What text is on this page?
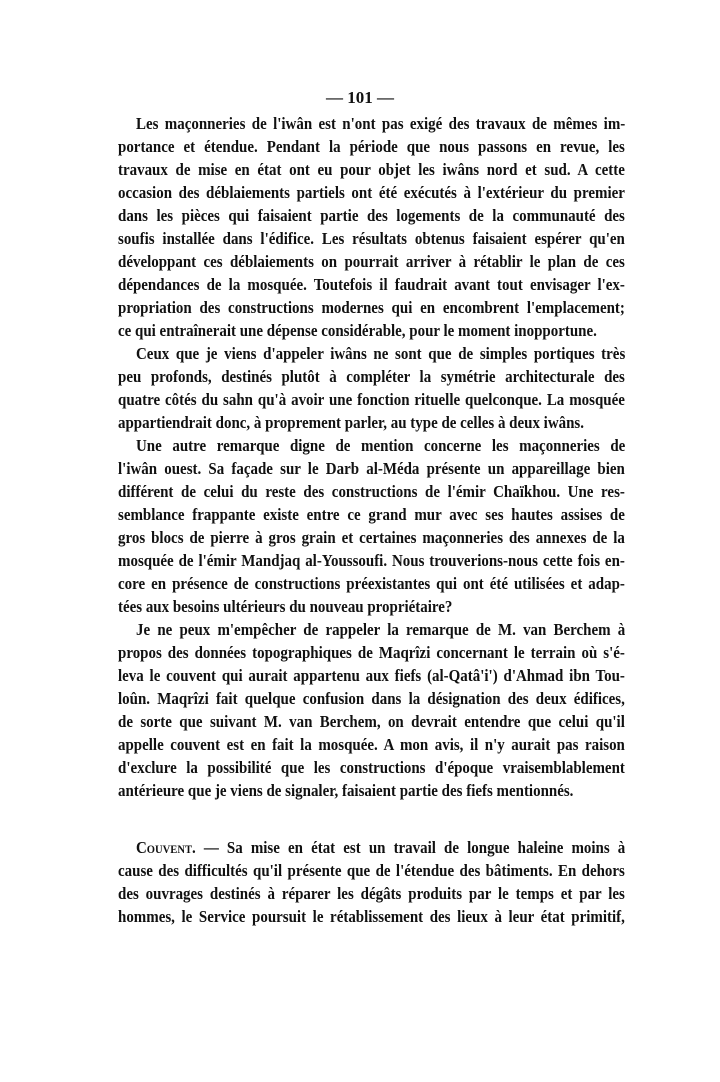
— 101 —
Les maçonneries de l'iwân est n'ont pas exigé des travaux de mêmes im-
portance et étendue. Pendant la période que nous passons en revue, les
travaux de mise en état ont eu pour objet les iwâns nord et sud. A cette
occasion des déblaiements partiels ont été exécutés à l'extérieur du premier
dans les pièces qui faisaient partie des logements de la communauté des
soufis installée dans l'édifice. Les résultats obtenus faisaient espérer qu'en
développant ces déblaiements on pourrait arriver à rétablir le plan de ces
dépendances de la mosquée. Toutefois il faudrait avant tout envisager l'ex-
propriation des constructions modernes qui en encombrent l'emplacement;
ce qui entraînerait une dépense considérable, pour le moment inopportune.
Ceux que je viens d'appeler iwâns ne sont que de simples portiques très
peu profonds, destinés plutôt à compléter la symétrie architecturale des
quatre côtés du sahn qu'à avoir une fonction rituelle quelconque. La mosquée
appartiendrait donc, à proprement parler, au type de celles à deux iwâns.
Une autre remarque digne de mention concerne les maçonneries de
l'iwân ouest. Sa façade sur le Darb al-Méda présente un appareillage bien
différent de celui du reste des constructions de l'émir Chaïkhou. Une res-
semblance frappante existe entre ce grand mur avec ses hautes assises de
gros blocs de pierre à gros grain et certaines maçonneries des annexes de la
mosquée de l'émir Mandjaq al-Youssoufi. Nous trouverions-nous cette fois en-
core en présence de constructions préexistantes qui ont été utilisées et adap-
tées aux besoins ultérieurs du nouveau propriétaire?
Je ne peux m'empêcher de rappeler la remarque de M. van Berchem à
propos des données topographiques de Maqrîzi concernant le terrain où s'é-
leva le couvent qui aurait appartenu aux fiefs (al-Qatâ'i') d'Ahmad ibn Tou-
loûn. Maqrîzi fait quelque confusion dans la désignation des deux édifices,
de sorte que suivant M. van Berchem, on devrait entendre que celui qu'il
appelle couvent est en fait la mosquée. A mon avis, il n'y aurait pas raison
d'exclure la possibilité que les constructions d'époque vraisemblablement
antérieure que je viens de signaler, faisaient partie des fiefs mentionnés.
Couvent. — Sa mise en état est un travail de longue haleine moins à
cause des difficultés qu'il présente que de l'étendue des bâtiments. En dehors
des ouvrages destinés à réparer les dégâts produits par le temps et par les
hommes, le Service poursuit le rétablissement des lieux à leur état primitif,
